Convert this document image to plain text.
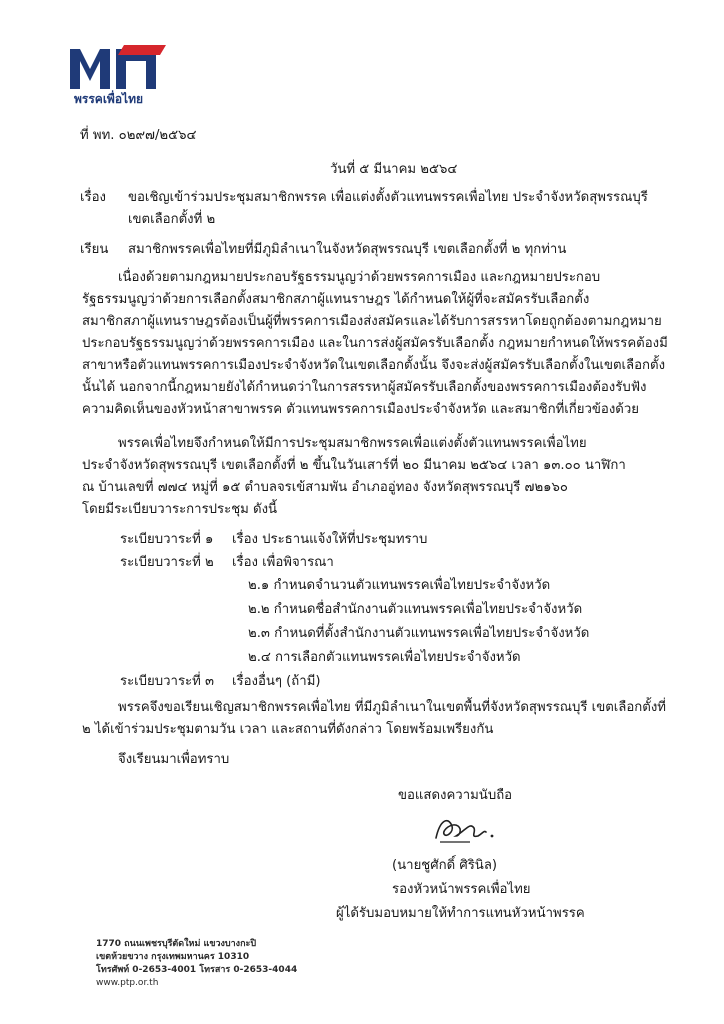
พรรคเพื่อไทย
ที่ พท. ๐๒๙๗/๒๕๖๔
วันที่ ๕ มีนาคม ๒๕๖๔
เรื่อง ขอเชิญเข้าร่วมประชุมสมาชิกพรรค เพื่อแต่งตั้งตัวแทนพรรคเพื่อไทย ประจำจังหวัดสุพรรณบุรี
เขตเลือกตั้งที่ ๒
เรียน สมาชิกพรรคเพื่อไทยที่มีภูมิลำเนาในจังหวัดสุพรรณบุรี เขตเลือกตั้งที่ ๒ ทุกท่าน
เนื่องด้วยตามกฎหมายประกอบรัฐธรรมนูญว่าด้วยพรรคการเมือง และกฎหมายประกอบ
รัฐธรรมนูญว่าด้วยการเลือกตั้งสมาชิกสภาผู้แทนราษฎร ได้กำหนดให้ผู้ที่จะสมัครรับเลือกตั้ง
สมาชิกสภาผู้แทนราษฎรต้องเป็นผู้ที่พรรคการเมืองส่งสมัครและได้รับการสรรหาโดยถูกต้องตามกฎหมาย
ประกอบรัฐธรรมนูญว่าด้วยพรรคการเมือง และในการส่งผู้สมัครรับเลือกตั้ง กฎหมายกำหนดให้พรรคต้องมี
สาขาหรือตัวแทนพรรคการเมืองประจำจังหวัดในเขตเลือกตั้งนั้น จึงจะส่งผู้สมัครรับเลือกตั้งในเขตเลือกตั้ง
นั้นได้ นอกจากนี้กฎหมายยังได้กำหนดว่าในการสรรหาผู้สมัครรับเลือกตั้งของพรรคการเมืองต้องรับฟัง
ความคิดเห็นของหัวหน้าสาขาพรรค ตัวแทนพรรคการเมืองประจำจังหวัด และสมาชิกที่เกี่ยวข้องด้วย
พรรคเพื่อไทยจึงกำหนดให้มีการประชุมสมาชิกพรรคเพื่อแต่งตั้งตัวแทนพรรคเพื่อไทย
ประจำจังหวัดสุพรรณบุรี เขตเลือกตั้งที่ ๒ ขึ้นในวันเสาร์ที่ ๒๐ มีนาคม ๒๕๖๔ เวลา ๑๓.๐๐ นาฬิกา
ณ บ้านเลขที่ ๗๗๔ หมู่ที่ ๑๕ ตำบลจรเข้สามพัน อำเภออู่ทอง จังหวัดสุพรรณบุรี ๗๒๑๖๐
โดยมีระเบียบวาระการประชุม ดังนี้
ระเบียบวาระที่ ๑ เรื่อง ประธานแจ้งให้ที่ประชุมทราบ
ระเบียบวาระที่ ๒ เรื่อง เพื่อพิจารณา
๒.๑ กำหนดจำนวนตัวแทนพรรคเพื่อไทยประจำจังหวัด
๒.๒ กำหนดชื่อสำนักงานตัวแทนพรรคเพื่อไทยประจำจังหวัด
๒.๓ กำหนดที่ตั้งสำนักงานตัวแทนพรรคเพื่อไทยประจำจังหวัด
๒.๔ การเลือกตัวแทนพรรคเพื่อไทยประจำจังหวัด
ระเบียบวาระที่ ๓ เรื่องอื่นๆ (ถ้ามี)
พรรคจึงขอเรียนเชิญสมาชิกพรรคเพื่อไทย ที่มีภูมิลำเนาในเขตพื้นที่จังหวัดสุพรรณบุรี เขตเลือกตั้งที่
๒ ได้เข้าร่วมประชุมตามวัน เวลา และสถานที่ดังกล่าว โดยพร้อมเพรียงกัน
จึงเรียนมาเพื่อทราบ
ขอแสดงความนับถือ
(นายชูศักดิ์ ศิรินิล)
รองหัวหน้าพรรคเพื่อไทย
ผู้ได้รับมอบหมายให้ทำการแทนหัวหน้าพรรค
1770 ถนนเพชรบุรีตัดใหม่ แขวงบางกะปิ
เขตห้วยขวาง กรุงเทพมหานคร 10310
โทรศัพท์ 0-2653-4001 โทรสาร 0-2653-4044
www.ptp.or.th
